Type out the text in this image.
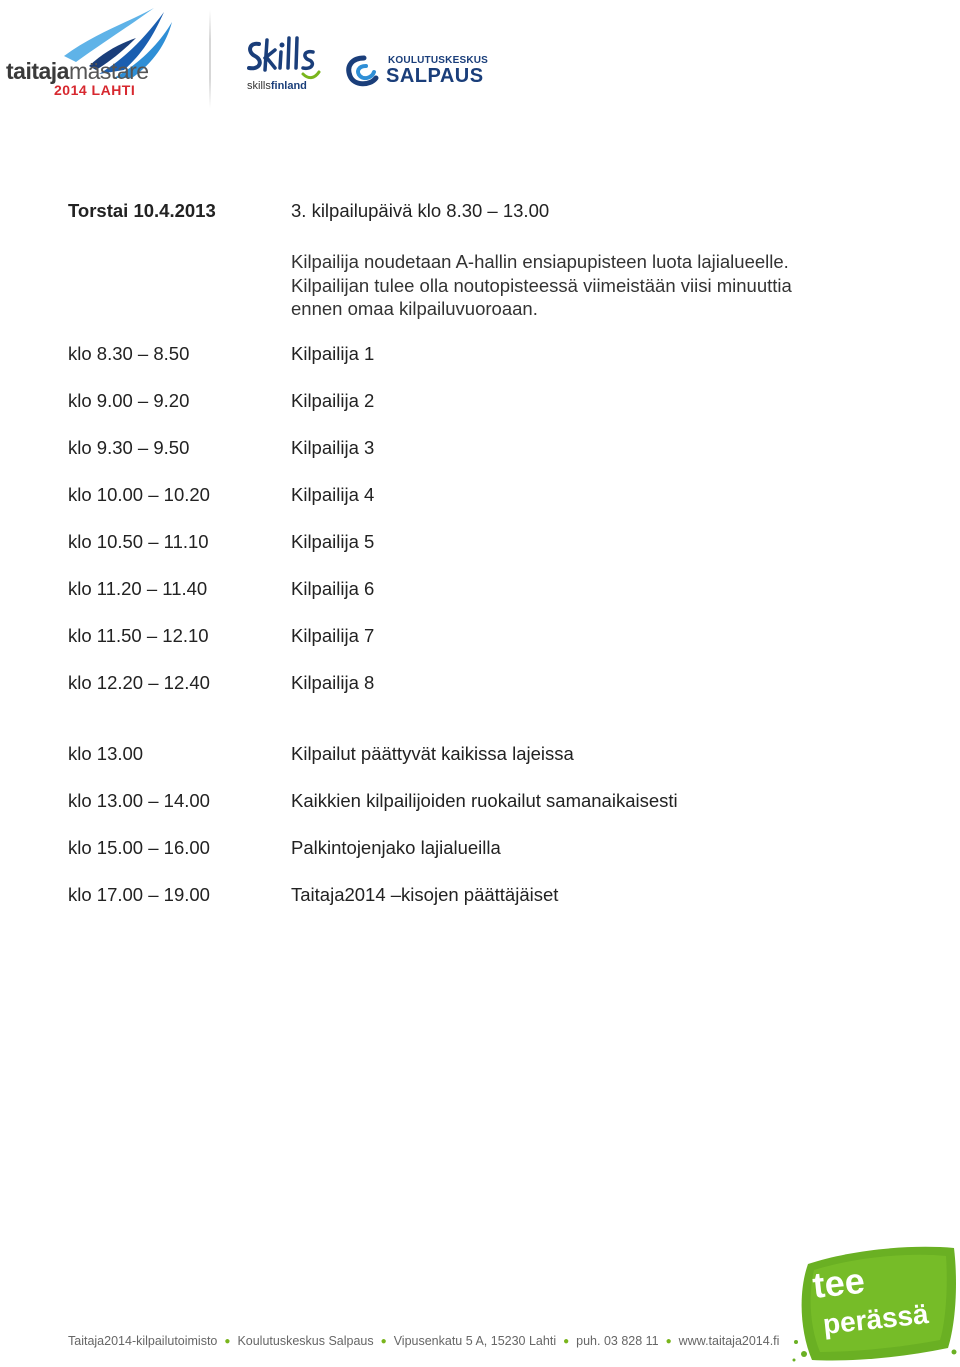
taitajamästare
2014 LAHTI	skillsfinland
KOULUTUSKESKUS
SALPAUS
Torstai 10.4.2013	3. kilpailupäivä klo 8.30 – 13.00
Kilpailija noudetaan A-hallin ensiapupisteen luota lajialueelle.
Kilpailijan tulee olla noutopisteessä viimeistään viisi minuuttia
ennen omaa kilpailuvuoroaan.
klo 8.30 – 8.50	Kilpailija 1
klo 9.00 – 9.20	Kilpailija 2
klo 9.30 – 9.50	Kilpailija 3
klo 10.00 – 10.20	Kilpailija 4
klo 10.50 – 11.10	Kilpailija 5
klo 11.20 – 11.40	Kilpailija 6
klo 11.50 – 12.10	Kilpailija 7
klo 12.20 – 12.40	Kilpailija 8
klo 13.00	Kilpailut päättyvät kaikissa lajeissa
klo 13.00 – 14.00	Kaikkien kilpailijoiden ruokailut samanaikaisesti
klo 15.00 – 16.00	Palkintojenjako lajialueilla
klo 17.00 – 19.00	Taitaja2014 –kisojen päättäjäiset
Taitaja2014-kilpailutoimisto ● Koulutuskeskus Salpaus ● Vipusenkatu 5 A, 15230 Lahti ● puh. 03 828 11 ● www.taitaja2014.fi
tee
perässä
